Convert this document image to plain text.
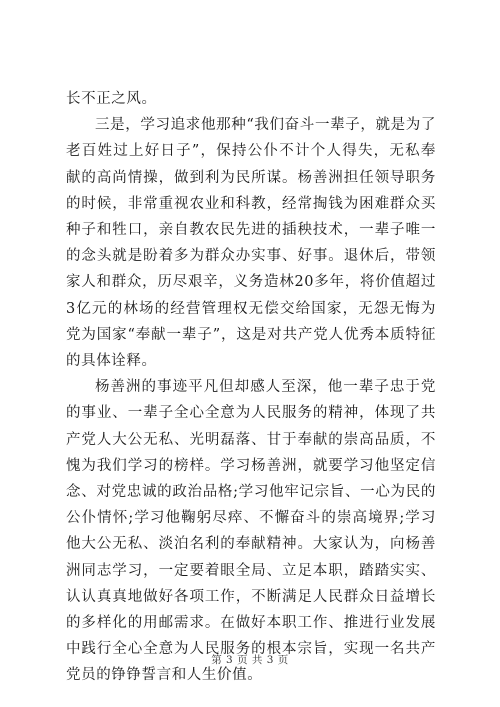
长不正之风。

三是，学习追求他那种“我们奋斗一辈子，就是为了老百姓过上好日子”，保持公仆不计个人得失，无私奉献的高尚情操，做到利为民所谋。杨善洲担任领导职务的时候，非常重视农业和科教，经常掏钱为困难群众买种子和牲口，亲自教农民先进的插秧技术，一辈子唯一的念头就是盼着多为群众办实事、好事。退休后，带领家人和群众，历尽艰辛，义务造林20多年，将价值超过3亿元的林场的经营管理权无偿交给国家，无怨无悔为党为国家“奉献一辈子”，这是对共产党人优秀本质特征的具体诠释。

杨善洲的事迹平凡但却感人至深，他一辈子忠于党的事业、一辈子全心全意为人民服务的精神，体现了共产党人大公无私、光明磊落、甘于奉献的崇高品质，不愧为我们学习的榜样。学习杨善洲，就要学习他坚定信念、对党忠诚的政治品格;学习他牢记宗旨、一心为民的公仆情怀;学习他鞠躬尽瘁、不懈奋斗的崇高境界;学习他大公无私、淡泊名利的奉献精神。大家认为，向杨善洲同志学习，一定要着眼全局、立足本职，踏踏实实、认认真真地做好各项工作，不断满足人民群众日益增长的多样化的用邮需求。在做好本职工作、推进行业发展中践行全心全意为人民服务的根本宗旨，实现一名共产党员的铮铮誓言和人生价值。

第 3 页 共 3 页
